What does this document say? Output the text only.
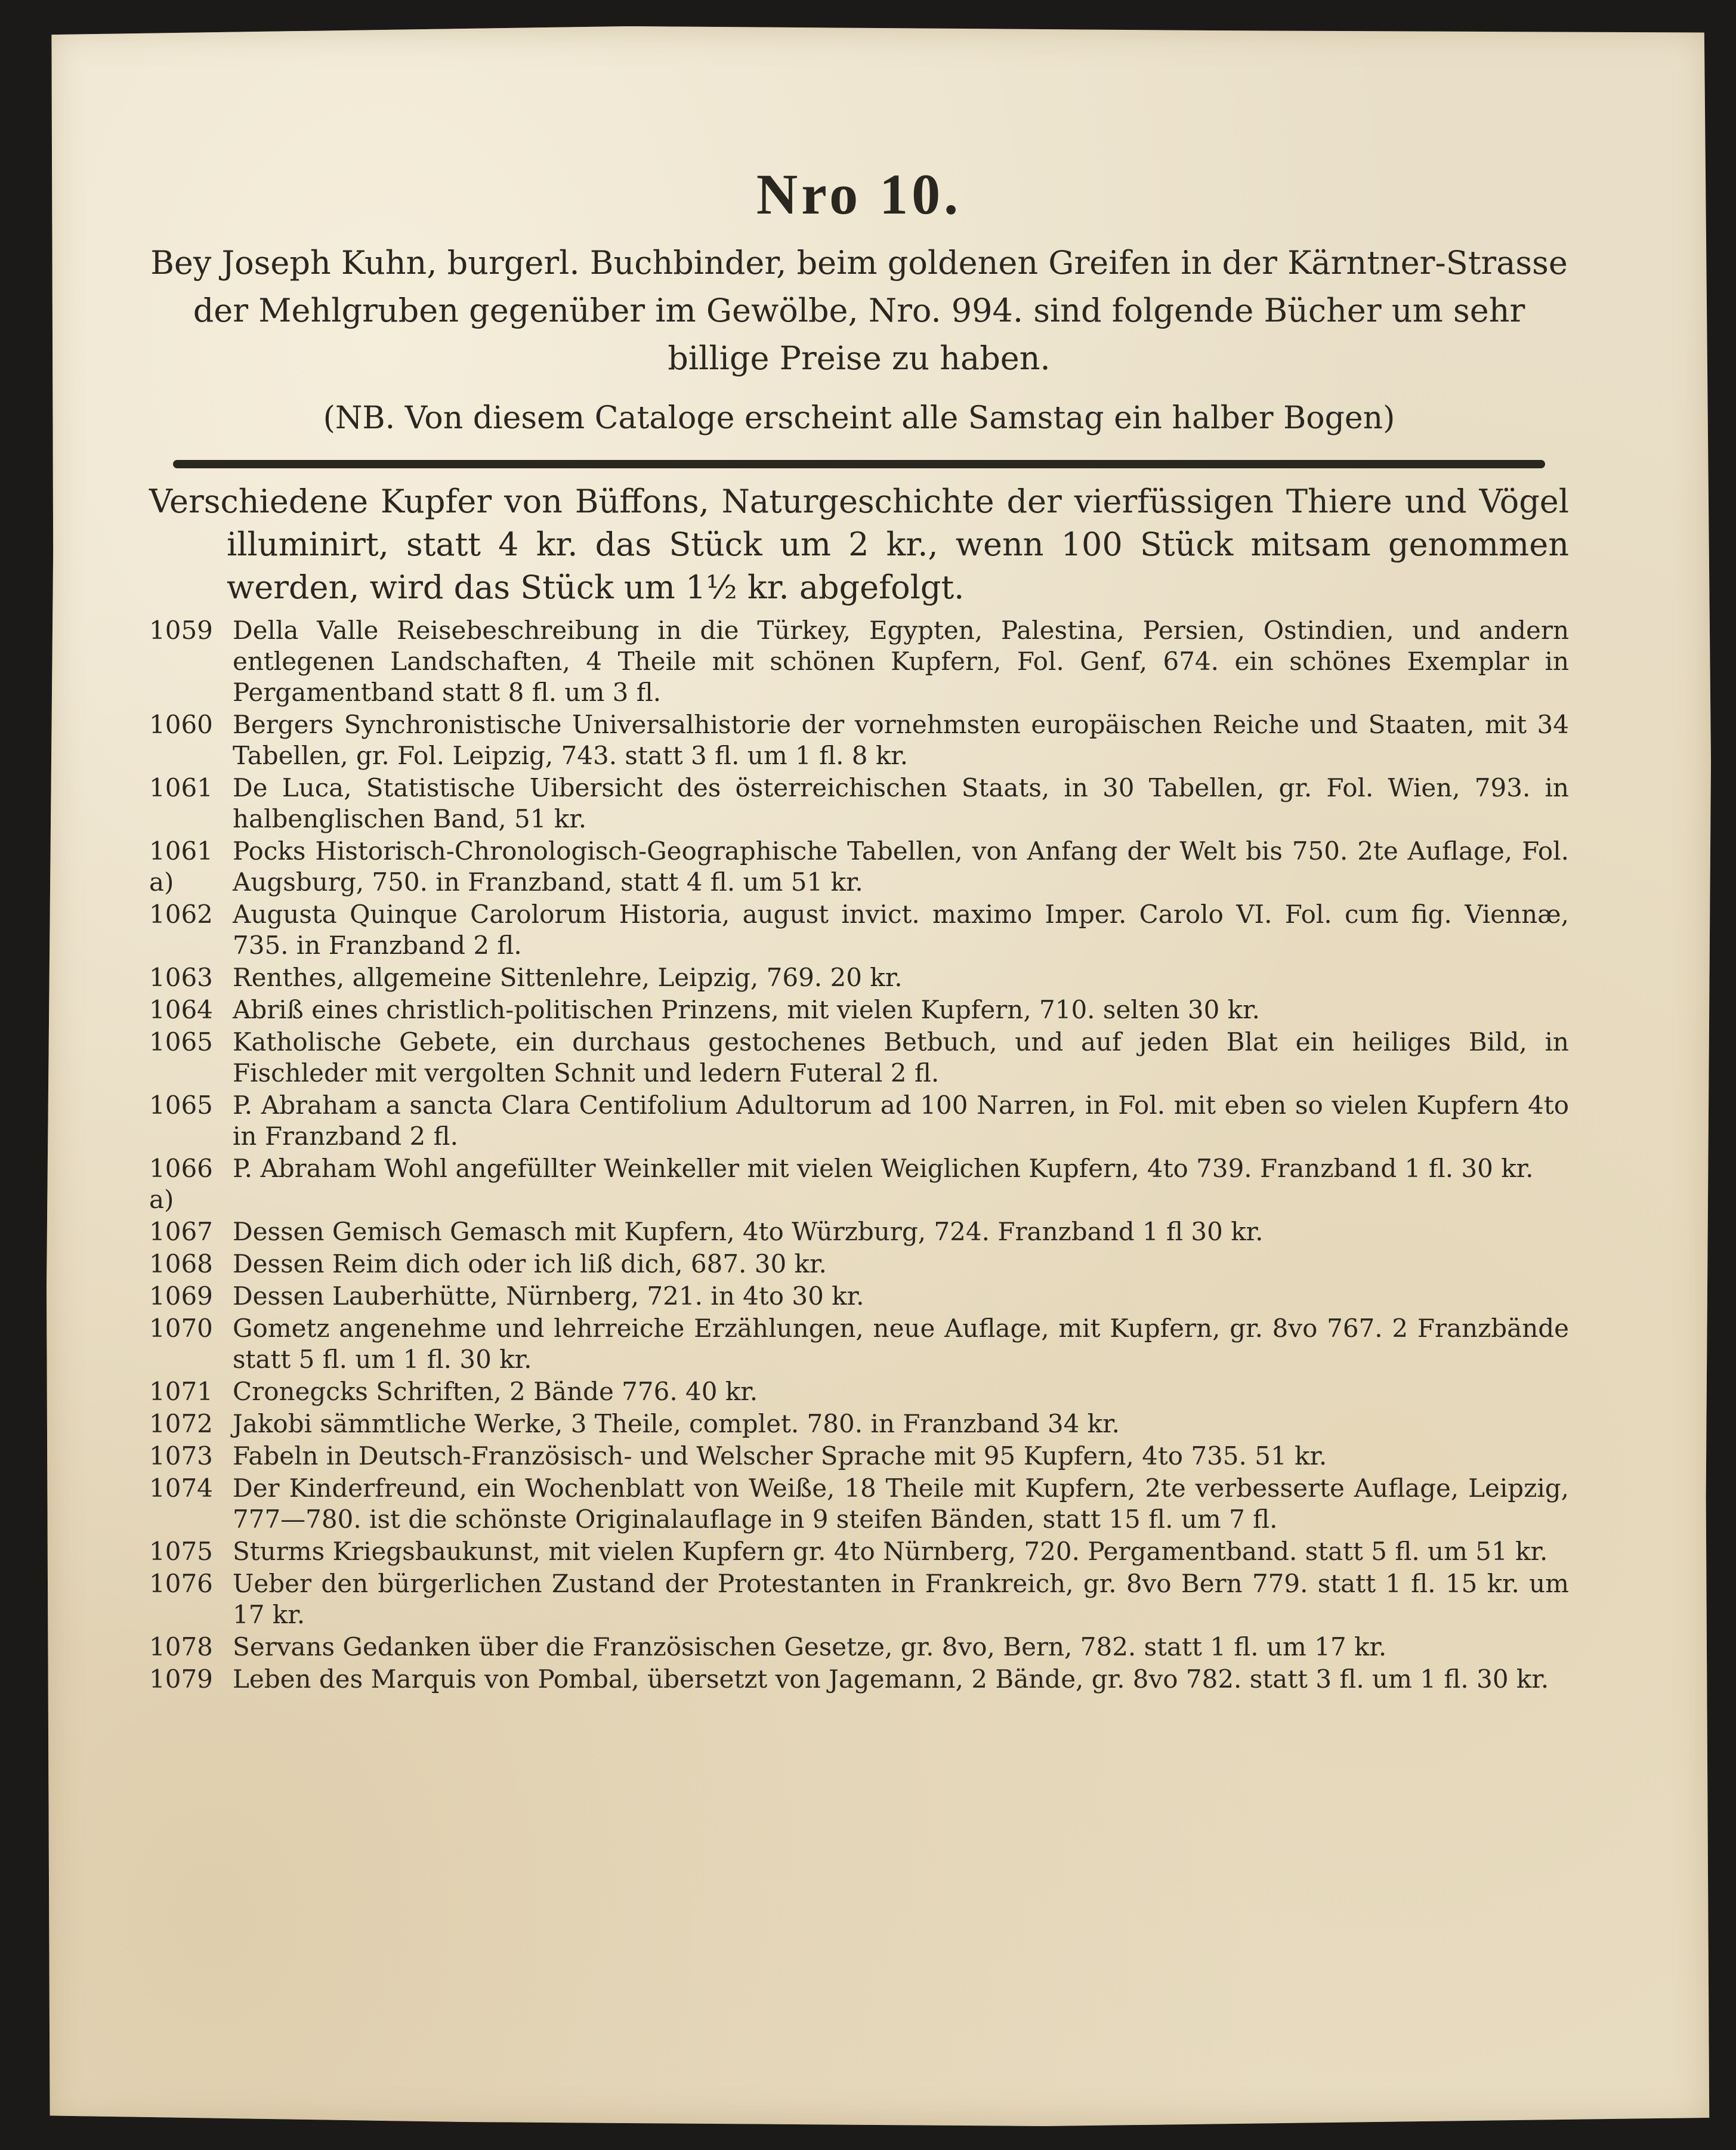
Nro 10.

Bey Joseph Kuhn, burgerl. Buchbinder, beim goldenen Greifen in der Kärntner-Strasse der Mehlgruben gegenüber im Gewölbe, Nro. 994. sind folgende Bücher um sehr billige Preise zu haben.

(NB. Von diesem Cataloge erscheint alle Samstag ein halber Bogen)

Verschiedene Kupfer von Büffons, Naturgeschichte der vierfüssigen Thiere und Vögel illuminirt, statt 4 kr. das Stück um 2 kr., wenn 100 Stück mitsam genommen werden, wird das Stück um 1½ kr. abgefolgt.

1059 Della Valle Reisebeschreibung in die Türkey, Egypten, Palestina, Persien, Ostindien, und andern entlegenen Landschaften, 4 Theile mit schönen Kupfern, Fol. Genf, 674. ein schönes Exemplar in Pergamentband statt 8 fl. um 3 fl.
1060 Bergers Synchronistische Universalhistorie der vornehmsten europäischen Reiche und Staaten, mit 34 Tabellen, gr. Fol. Leipzig, 743. statt 3 fl. um 1 fl. 8 kr.
1061 De Luca, Statistische Uibersicht des österreichischen Staats, in 30 Tabellen, gr. Fol. Wien, 793. in halbenglischen Band, 51 kr.
1061 a)
Pocks Historisch-Chronologisch-Geographische Tabellen, von Anfang der Welt bis 750. 2te Auflage, Fol. Augsburg, 750. in Franzband, statt 4 fl. um 51 kr.
1062 Augusta Quinque Carolorum Historia, august invict. maximo Imper. Carolo VI. Fol. cum fig. Viennæ, 735. in Franzband 2 fl.
1063 Renthes, allgemeine Sittenlehre, Leipzig, 769. 20 kr.
1064 Abriß eines christlich-politischen Prinzens, mit vielen Kupfern, 710. selten 30 kr.
1065 Katholische Gebete, ein durchaus gestochenes Betbuch, und auf jeden Blat ein heiliges Bild, in Fischleder mit vergolten Schnit und ledern Futeral 2 fl.
1065 P. Abraham a sancta Clara Centifolium Adultorum ad 100 Narren, in Fol. mit eben so vielen Kupfern 4to in Franzband 2 fl.
1066 a)
P. Abraham Wohl angefüllter Weinkeller mit vielen Weiglichen Kupfern, 4to 739. Franzband 1 fl. 30 kr.
1067 Dessen Gemisch Gemasch mit Kupfern, 4to Würzburg, 724. Franzband 1 fl 30 kr.
1068 Dessen Reim dich oder ich liß dich, 687. 30 kr.
1069 Dessen Lauberhütte, Nürnberg, 721. in 4to 30 kr.
1070 Gometz angenehme und lehrreiche Erzählungen, neue Auflage, mit Kupfern, gr. 8vo 767. 2 Franzbände statt 5 fl. um 1 fl. 30 kr.
1071 Cronegcks Schriften, 2 Bände 776. 40 kr.
1072 Jakobi sämmtliche Werke, 3 Theile, complet. 780. in Franzband 34 kr.
1073 Fabeln in Deutsch-Französisch- und Welscher Sprache mit 95 Kupfern, 4to 735. 51 kr.
1074 Der Kinderfreund, ein Wochenblatt von Weiße, 18 Theile mit Kupfern, 2te verbesserte Auflage, Leipzig, 777—780. ist die schönste Originalauflage in 9 steifen Bänden, statt 15 fl. um 7 fl.
1075 Sturms Kriegsbaukunst, mit vielen Kupfern gr. 4to Nürnberg, 720. Pergamentband. statt 5 fl. um 51 kr.
1076 Ueber den bürgerlichen Zustand der Protestanten in Frankreich, gr. 8vo Bern 779. statt 1 fl. 15 kr. um 17 kr.
1078 Servans Gedanken über die Französischen Gesetze, gr. 8vo, Bern, 782. statt 1 fl. um 17 kr.
1079 Leben des Marquis von Pombal, übersetzt von Jagemann, 2 Bände, gr. 8vo 782. statt 3 fl. um 1 fl. 30 kr.
